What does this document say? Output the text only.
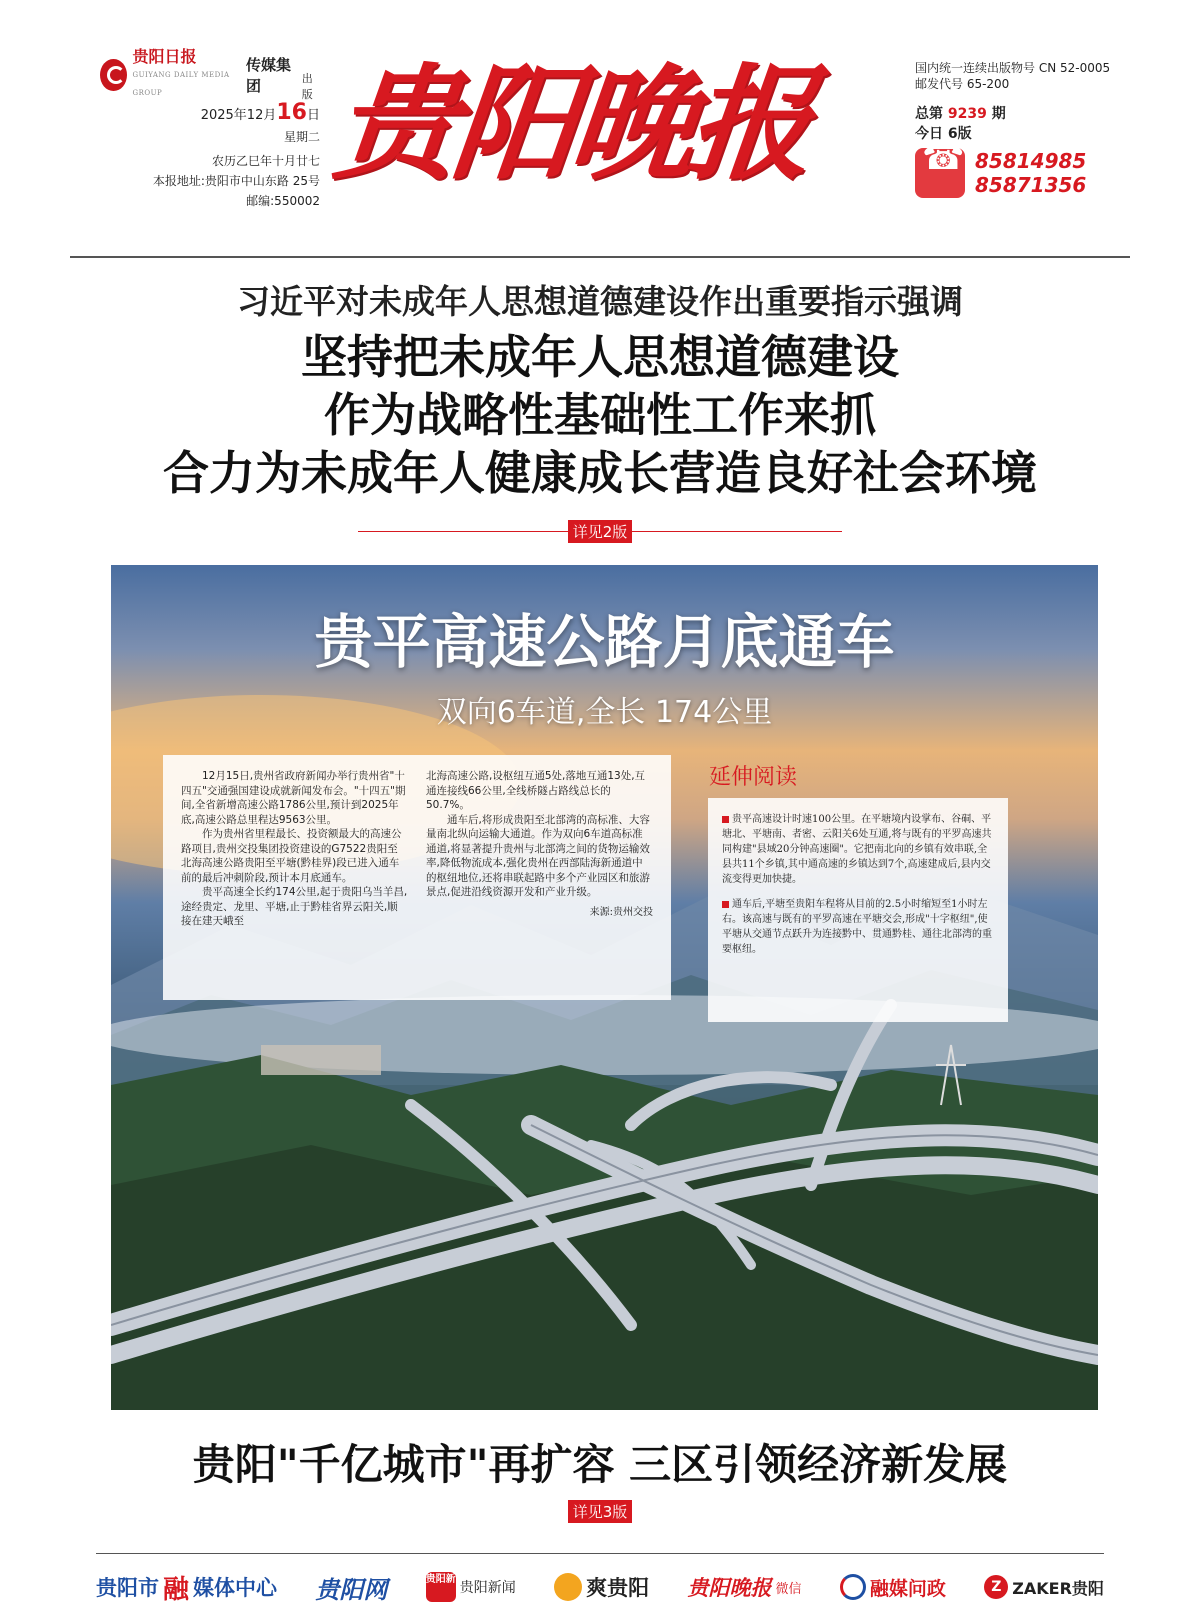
贵阳日报
GUIYANG DAILY MEDIA GROUP
传媒集团	出版
2025年12月16日
星期二
农历乙巳年十月廿七
本报地址:贵阳市中山东路 25号
邮编:550002
贵阳晚报	国内统一连续出版物号 CN 52-0005
邮发代号 65-200
总第 9239 期
今日 6版
☎
85814985
85871356
习近平对未成年人思想道德建设作出重要指示强调
坚持把未成年人思想道德建设
作为战略性基础性工作来抓
合力为未成年人健康成长营造良好社会环境
详见2版
贵平高速公路月底通车
双向6车道,全长 174公里

12月15日,贵州省政府新闻办举行贵州省"十四五"交通强国建设成就新闻发布会。"十四五"期间,全省新增高速公路1786公里,预计到2025年底,高速公路总里程达9563公里。

作为贵州省里程最长、投资额最大的高速公路项目,贵州交投集团投资建设的G7522贵阳至北海高速公路贵阳至平塘(黔桂界)段已进入通车前的最后冲刺阶段,预计本月底通车。

贵平高速全长约174公里,起于贵阳乌当羊昌,途经贵定、龙里、平塘,止于黔桂省界云阳关,顺接在建天峨至

北海高速公路,设枢纽互通5处,落地互通13处,互通连接线66公里,全线桥隧占路线总长的50.7%。

通车后,将形成贵阳至北部湾的高标准、大容量南北纵向运输大通道。作为双向6车道高标准通道,将显著提升贵州与北部湾之间的货物运输效率,降低物流成本,强化贵州在西部陆海新通道中的枢纽地位,还将串联起路中多个产业园区和旅游景点,促进沿线资源开发和产业升级。

来源:贵州交投
延伸阅读

贵平高速设计时速100公里。在平塘境内设掌布、谷硐、平塘北、平塘南、者密、云阳关6处互通,将与既有的平罗高速共同构建"县域20分钟高速圈"。它把南北向的乡镇有效串联,全县共11个乡镇,其中通高速的乡镇达到7个,高速建成后,县内交流变得更加快捷。

通车后,平塘至贵阳车程将从目前的2.5小时缩短至1小时左右。该高速与既有的平罗高速在平塘交会,形成"十字枢纽",使平塘从交通节点跃升为连接黔中、贯通黔桂、通往北部湾的重要枢纽。

贵阳"千亿城市"再扩容 三区引领经济新发展
详见3版
贵阳市 融 媒体中心 贵阳网	贵阳新闻
贵阳新闻	爽贵阳 贵阳晚报 微信	融媒问政	Z ZAKER贵阳
